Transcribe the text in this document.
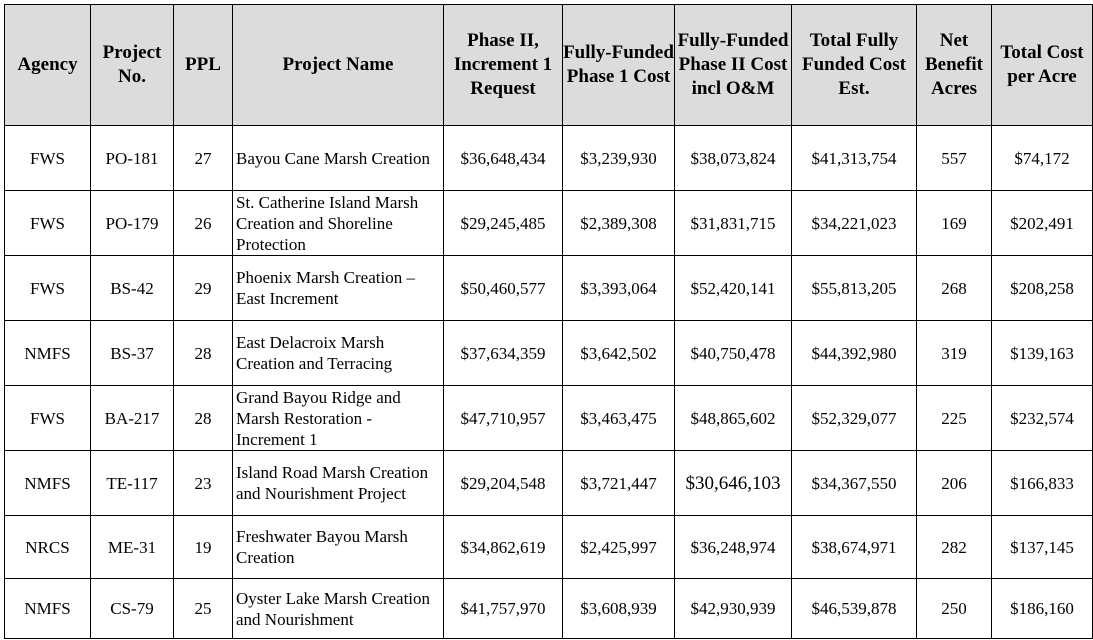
Agency	Project No.	PPL	Project Name	Phase II, Increment 1 Request	Fully-Funded Phase 1 Cost	Fully-Funded Phase II Cost incl O&M	Total Fully Funded Cost Est.	Net Benefit Acres	Total Cost per Acre
FWS	PO-181	27	Bayou Cane Marsh Creation	$36,648,434	$3,239,930	$38,073,824	$41,313,754	557	$74,172
FWS	PO-179	26	St. Catherine Island Marsh Creation and Shoreline Protection	$29,245,485	$2,389,308	$31,831,715	$34,221,023	169	$202,491
FWS	BS-42	29	Phoenix Marsh Creation – East Increment	$50,460,577	$3,393,064	$52,420,141	$55,813,205	268	$208,258
NMFS	BS-37	28	East Delacroix Marsh Creation and Terracing	$37,634,359	$3,642,502	$40,750,478	$44,392,980	319	$139,163
FWS	BA-217	28	Grand Bayou Ridge and Marsh Restoration - Increment 1	$47,710,957	$3,463,475	$48,865,602	$52,329,077	225	$232,574
NMFS	TE-117	23	Island Road Marsh Creation and Nourishment Project	$29,204,548	$3,721,447	$30,646,103	$34,367,550	206	$166,833
NRCS	ME-31	19	Freshwater Bayou Marsh Creation	$34,862,619	$2,425,997	$36,248,974	$38,674,971	282	$137,145
NMFS	CS-79	25	Oyster Lake Marsh Creation and Nourishment	$41,757,970	$3,608,939	$42,930,939	$46,539,878	250	$186,160
